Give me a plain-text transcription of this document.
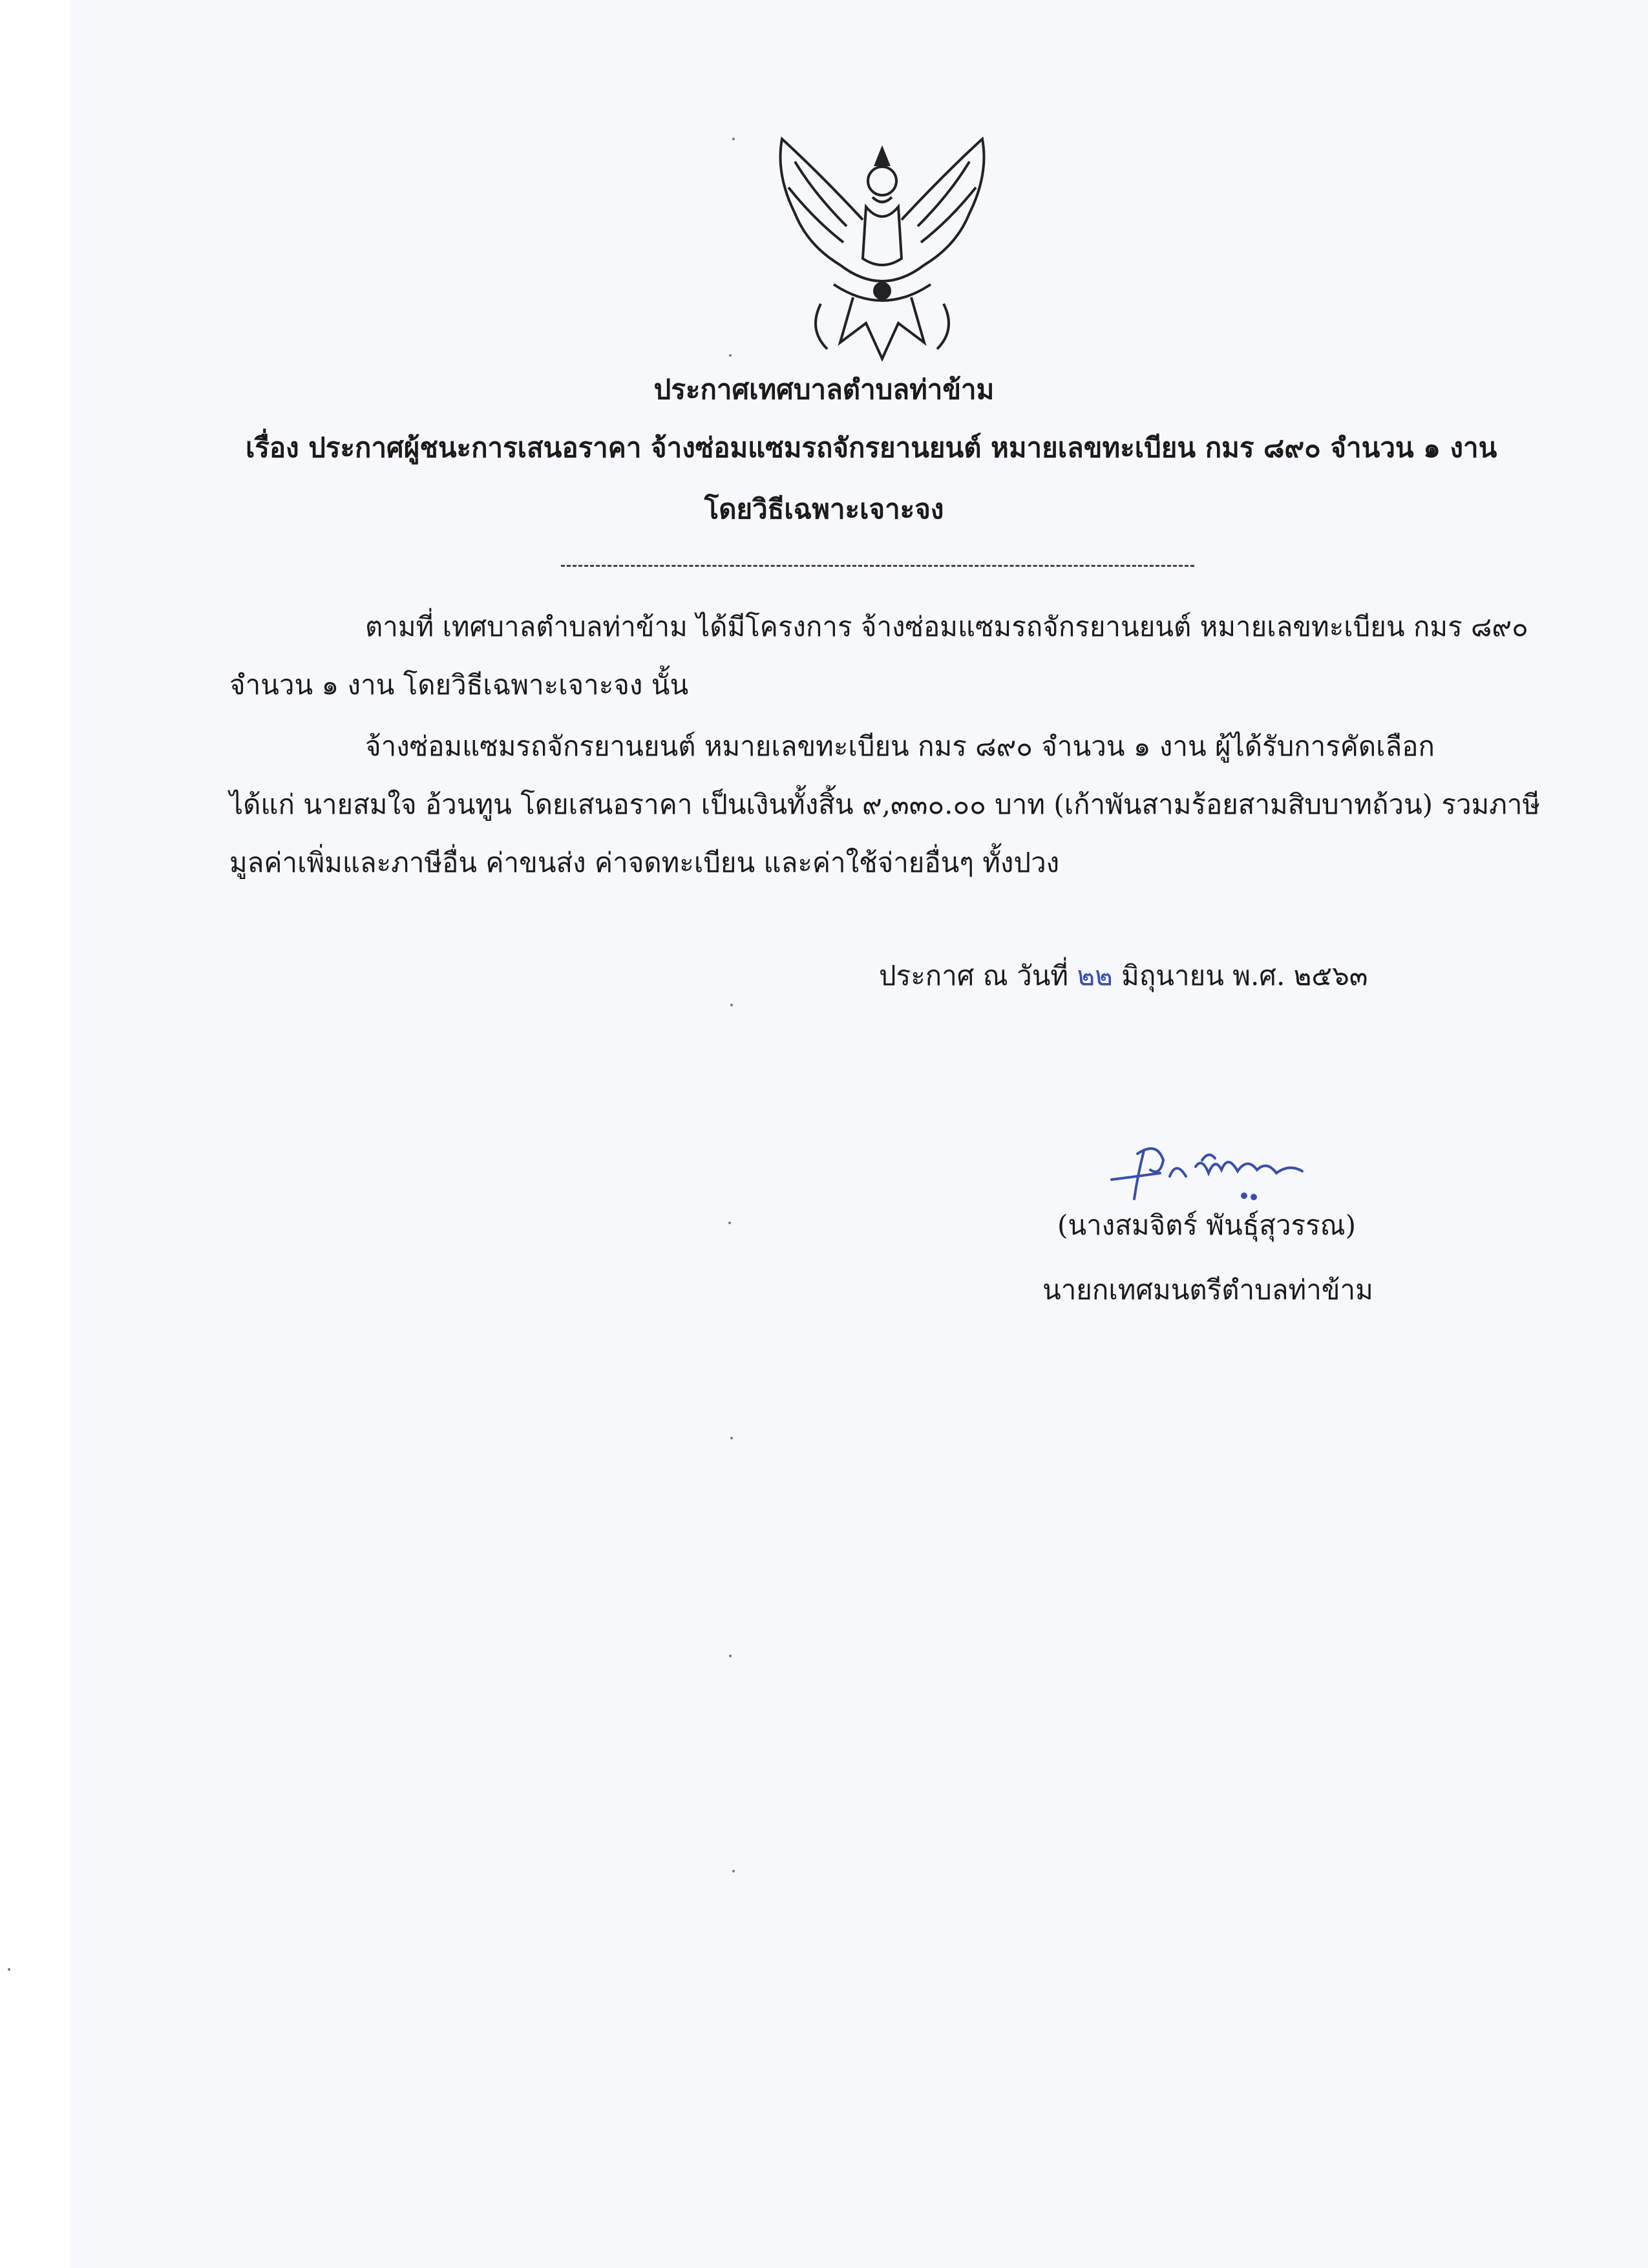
ประกาศเทศบาลตำบลท่าข้าม
เรื่อง ประกาศผู้ชนะการเสนอราคา จ้างซ่อมแซมรถจักรยานยนต์ หมายเลขทะเบียน กมร ๘๙๐ จำนวน ๑ งาน
โดยวิธีเฉพาะเจาะจง
ตามที่ เทศบาลตำบลท่าข้าม ได้มีโครงการ จ้างซ่อมแซมรถจักรยานยนต์ หมายเลขทะเบียน กมร ๘๙๐
จำนวน ๑ งาน โดยวิธีเฉพาะเจาะจง นั้น
จ้างซ่อมแซมรถจักรยานยนต์ หมายเลขทะเบียน กมร ๘๙๐ จำนวน ๑ งาน ผู้ได้รับการคัดเลือก
ได้แก่ นายสมใจ อ้วนทูน โดยเสนอราคา เป็นเงินทั้งสิ้น ๙,๓๓๐.๐๐ บาท (เก้าพันสามร้อยสามสิบบาทถ้วน) รวมภาษี
มูลค่าเพิ่มและภาษีอื่น ค่าขนส่ง ค่าจดทะเบียน และค่าใช้จ่ายอื่นๆ ทั้งปวง
ประกาศ ณ วันที่ ๒๒ มิถุนายน พ.ศ. ๒๕๖๓
(นางสมจิตร์ พันธุ์สุวรรณ)
นายกเทศมนตรีตำบลท่าข้าม
